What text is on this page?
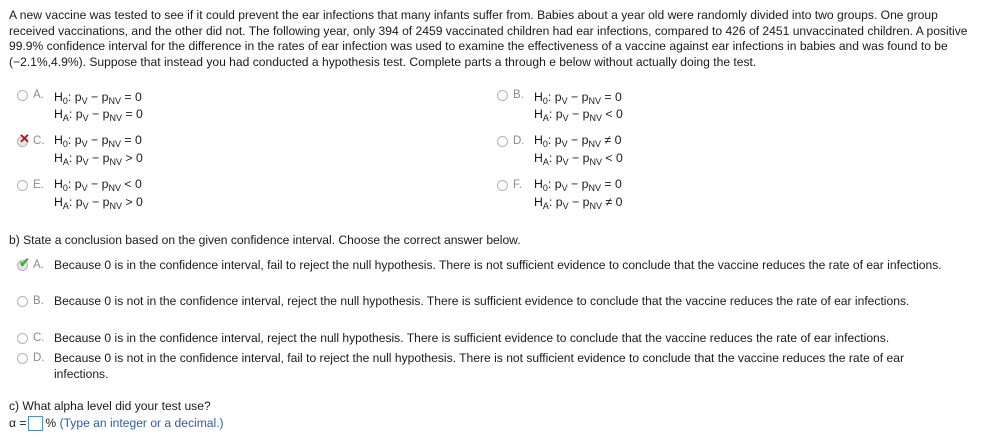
A new vaccine was tested to see if it could prevent the ear infections that many infants suffer from. Babies about a year old were randomly divided into two groups. One group received vaccinations, and the other did not. The following year, only 394 of 2459 vaccinated children had ear infections, compared to 426 of 2451 unvaccinated children. A positive 99.9% confidence interval for the difference in the rates of ear infection was used to examine the effectiveness of a vaccine against ear infections in babies and was found to be (−2.1%,4.9%). Suppose that instead you had conducted a hypothesis test. Complete parts a through e below without actually doing the test.
A. $H_0$: $p_V - p_{NV} = 0$
$H_A$: $p_V - p_{NV} = 0$
B. $H_0$: $p_V - p_{NV} = 0$
$H_A$: $p_V - p_{NV} < 0$
✕ C. $H_0$: $p_V - p_{NV} = 0$
$H_A$: $p_V - p_{NV} > 0$
D. $H_0$: $p_V - p_{NV} \ne 0$
$H_A$: $p_V - p_{NV} < 0$
E. $H_0$: $p_V - p_{NV} < 0$
$H_A$: $p_V - p_{NV} > 0$
F. $H_0$: $p_V - p_{NV} = 0$
$H_A$: $p_V - p_{NV} \ne 0$
b) State a conclusion based on the given confidence interval. Choose the correct answer below.
✔ A. Because 0 is in the confidence interval, fail to reject the null hypothesis. There is not sufficient evidence to conclude that the vaccine reduces the rate of ear infections.
B. Because 0 is not in the confidence interval, reject the null hypothesis. There is sufficient evidence to conclude that the vaccine reduces the rate of ear infections.
C. Because 0 is in the confidence interval, reject the null hypothesis. There is sufficient evidence to conclude that the vaccine reduces the rate of ear infections.
D. Because 0 is not in the confidence interval, fail to reject the null hypothesis. There is not sufficient evidence to conclude that the vaccine reduces the rate of ear infections.
c) What alpha level did your test use?
α = % (Type an integer or a decimal.)
